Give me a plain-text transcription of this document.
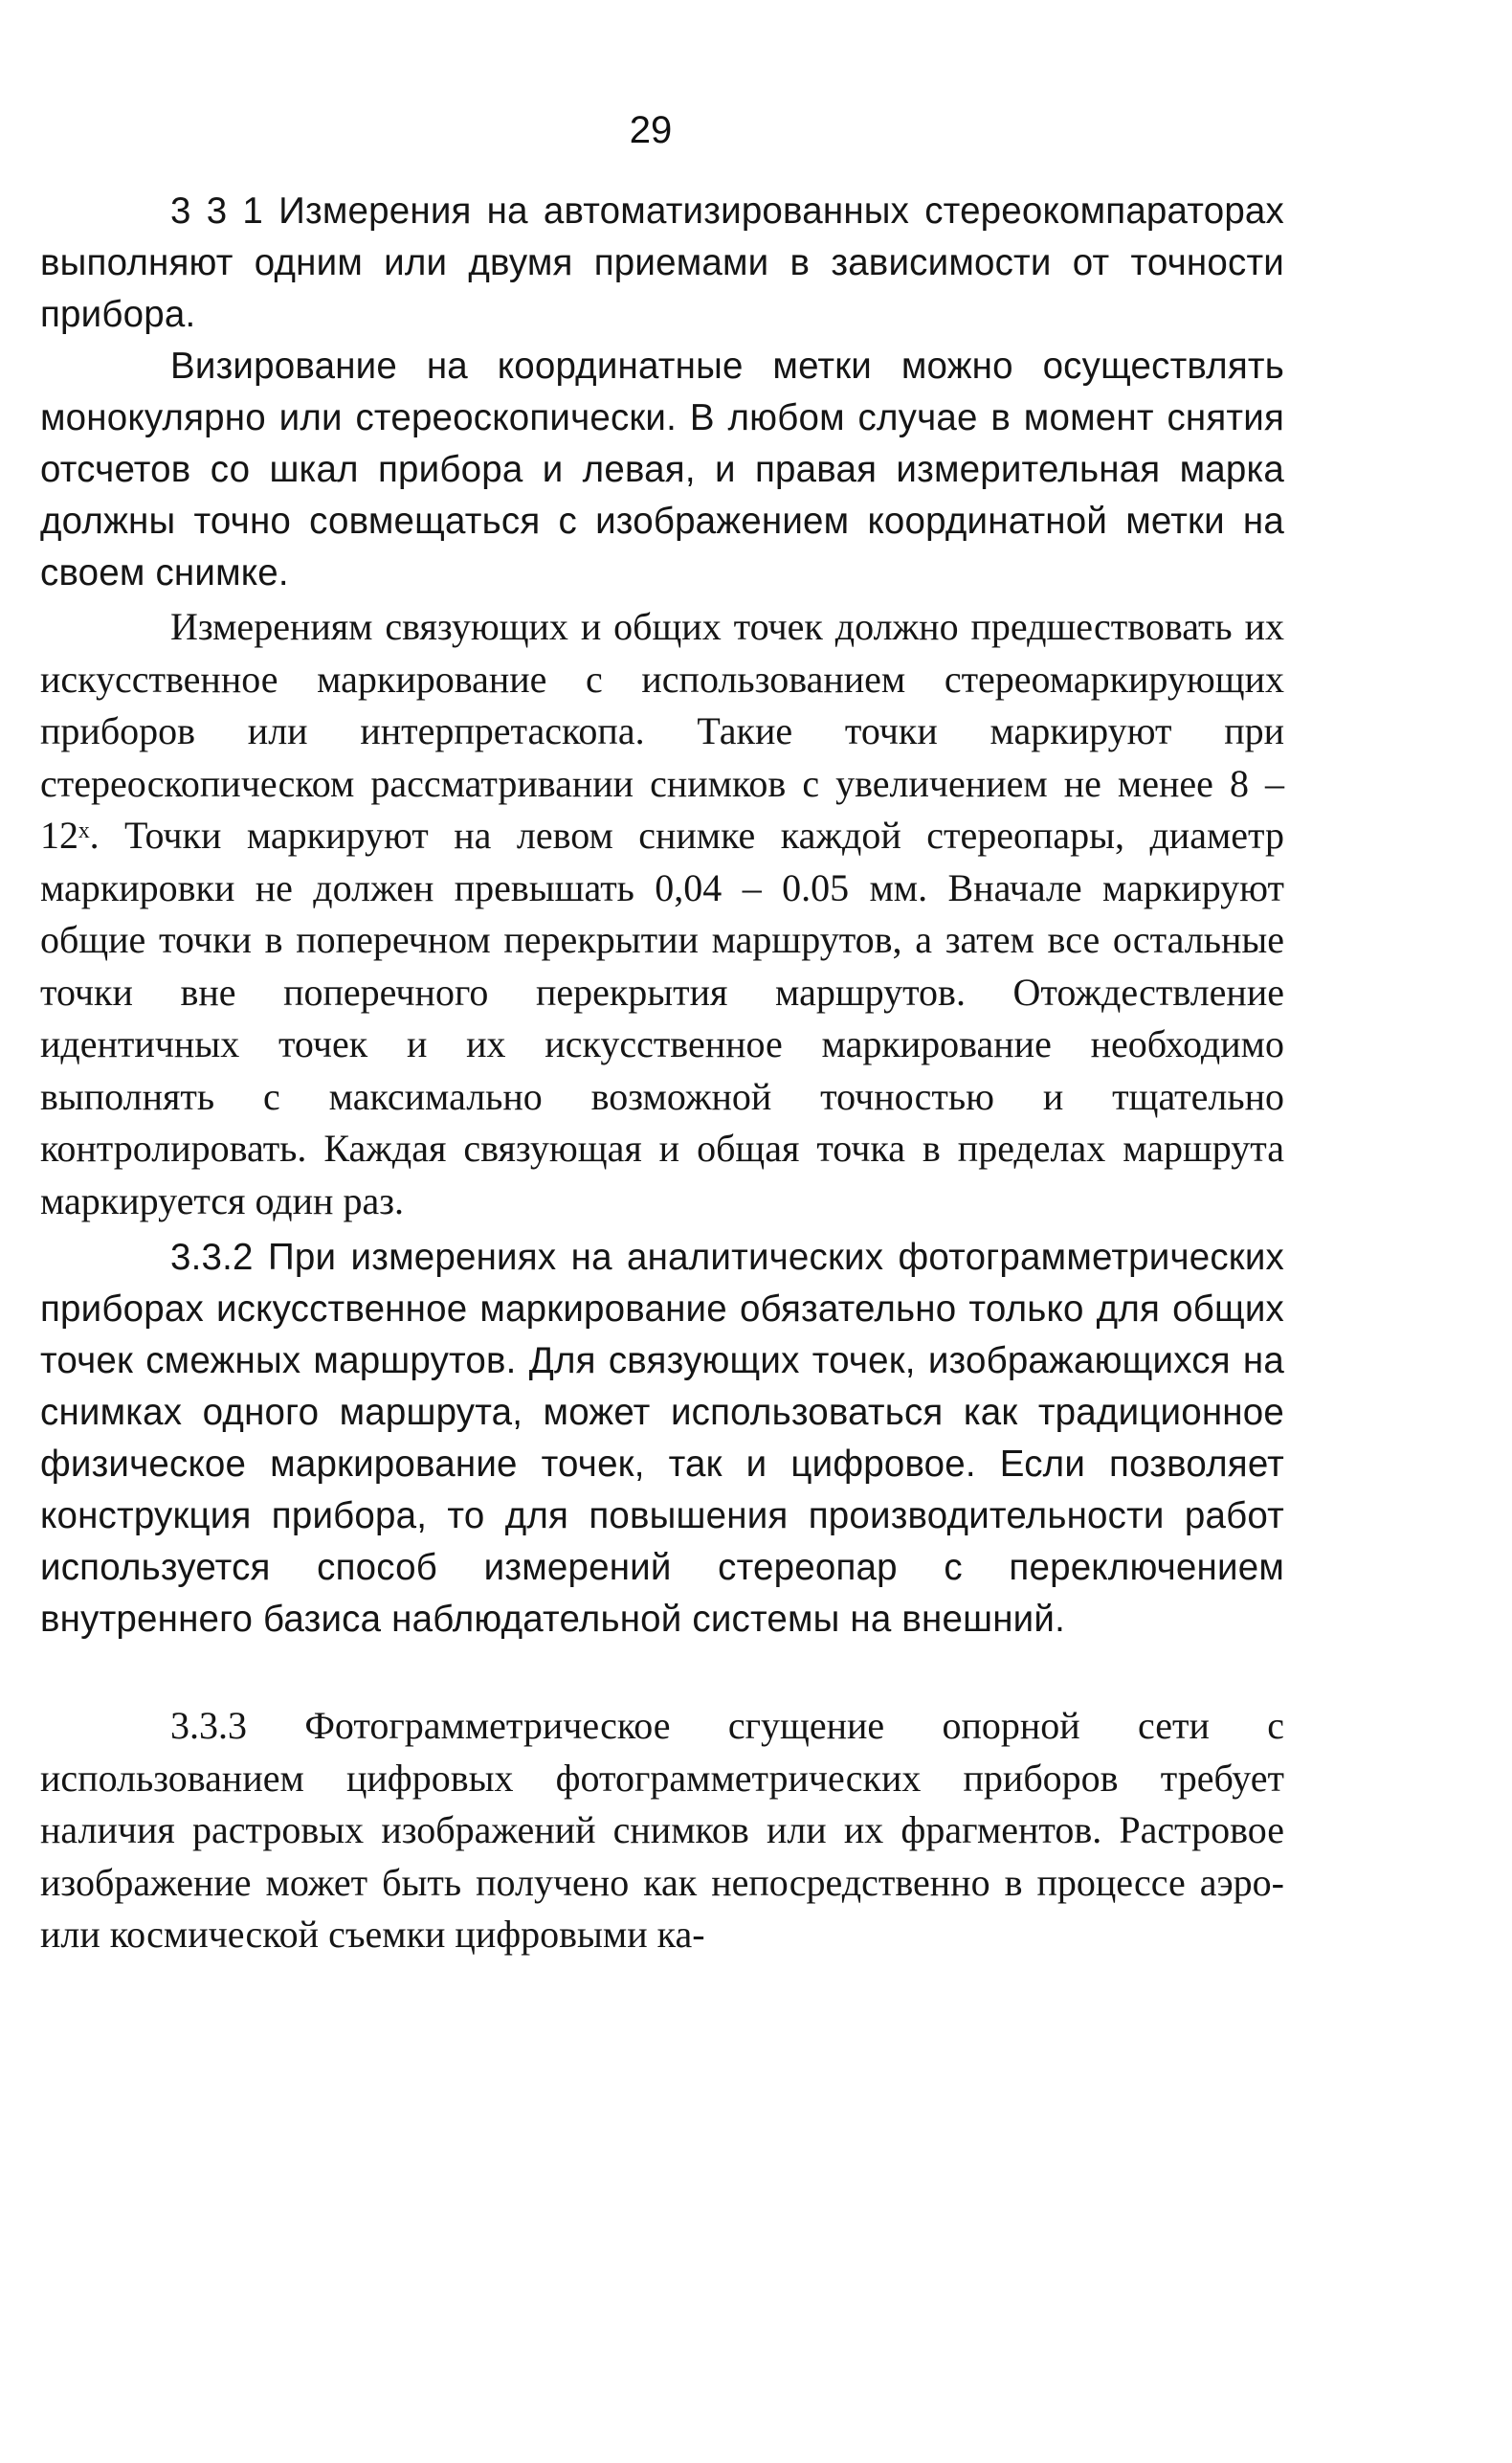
29

3 3 1 Измерения на автоматизированных стереокомпараторах выполняют одним или двумя приемами в зависимости от точности прибора.

Визирование на координатные метки можно осуществлять монокулярно или стереоскопически. В любом случае в момент снятия отсчетов со шкал прибора и левая, и правая измерительная марка должны точно совмещаться с изображением координатной метки на своем снимке.

Измерениям связующих и общих точек должно предшествовать их искусственное маркирование с использованием стереомаркирующих приборов или интерпретаскопа. Такие точки маркируют при стереоскопическом рассматривании снимков с увеличением не менее 8 – 12ˣ. Точки маркируют на левом снимке каждой стереопары, диаметр маркировки не должен превышать 0,04 – 0.05 мм. Вначале маркируют общие точки в поперечном перекрытии маршрутов, а затем все остальные точки вне поперечного перекрытия маршрутов. Отождествление идентичных точек и их искусственное маркирование необходимо выполнять с максимально возможной точностью и тщательно контролировать. Каждая связующая и общая точка в пределах маршрута маркируется один раз.

3.3.2 При измерениях на аналитических фотограмметрических приборах искусственное маркирование обязательно только для общих точек смежных маршрутов. Для связующих точек, изображающихся на снимках одного маршрута, может использоваться как традиционное физическое маркирование точек, так и цифровое. Если позволяет конструкция прибора, то для повышения производительности работ используется способ измерений стереопар с переключением внутреннего базиса наблюдательной системы на внешний.

3.3.3 Фотограмметрическое сгущение опорной сети с использованием цифровых фотограмметрических приборов требует наличия растровых изображений снимков или их фрагментов. Растровое изображение может быть получено как непосредственно в процессе аэро- или космической съемки цифровыми ка-
